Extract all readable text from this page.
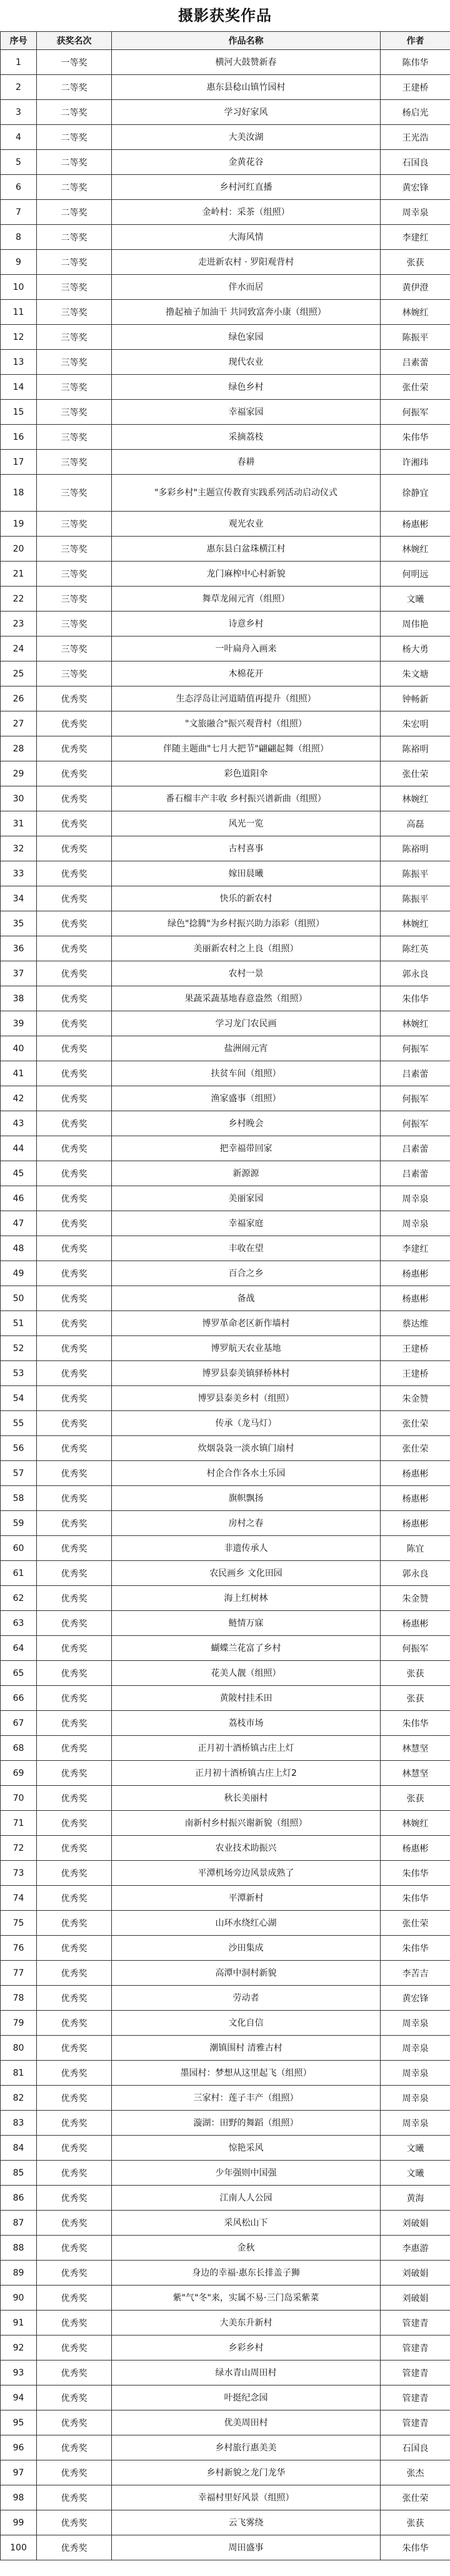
摄影获奖作品
序号	获奖名次	作品名称	作者
1	一等奖	横河大鼓赞新春	陈伟华
2	二等奖	惠东县稔山镇竹园村	王建桥
3	二等奖	学习好家风	杨启光
4	二等奖	大美汝湖	王光浩
5	二等奖	金黄花谷	石国良
6	二等奖	乡村河红直播	黄宏锋
7	二等奖	金岭村：采茶（组照）	周幸泉
8	二等奖	大海风情	李建红
9	二等奖	走进新农村 · 罗阳观背村	张获
10	三等奖	伴水而居	黄伊澄
11	三等奖	撸起袖子加油干 共同致富奔小康（组照）	林婉红
12	三等奖	绿色家园	陈振平
13	三等奖	现代农业	吕素蕾
14	三等奖	绿色乡村	张仕荣
15	三等奖	幸福家园	何振军
16	三等奖	采摘荔枝	朱伟华
17	三等奖	春耕	许湘玮
18	三等奖	"多彩乡村"主题宣传教育实践系列活动启动仪式	徐静宜
19	三等奖	观光农业	杨惠彬
20	三等奖	惠东县白盆珠横江村	林婉红
21	三等奖	龙门麻榨中心村新貌	何明远
22	三等奖	舞草龙闹元宵（组照）	文曦
23	三等奖	诗意乡村	周伟艳
24	三等奖	一叶扁舟入画来	杨大勇
25	三等奖	木棉花开	朱文塘
26	优秀奖	生态浮岛让河道睛值再提升（组照）	钟畅新
27	优秀奖	"文旅融合"振兴观背村（组照）	朱宏明
28	优秀奖	伴随主题曲"七月大把节"翩翩起舞（组照）	陈裕明
29	优秀奖	彩色道阳伞	张仕荣
30	优秀奖	番石榴丰产丰收 乡村振兴谱新曲（组照）	林婉红
31	优秀奖	风光一览	高磊
32	优秀奖	古村喜事	陈裕明
33	优秀奖	嫁田晨曦	陈振平
34	优秀奖	快乐的新农村	陈振平
35	优秀奖	绿色"捻腾"为乡村振兴助力添彩（组照）	林婉红
36	优秀奖	美丽新农村之上良（组照）	陈红英
37	优秀奖	农村一景	郭永良
38	优秀奖	果蔬采蔬基地春意盎然（组照）	朱伟华
39	优秀奖	学习龙门农民画	林婉红
40	优秀奖	盐洲闹元宵	何振军
41	优秀奖	扶贫车间（组照）	吕素蕾
42	优秀奖	渔家盛事（组照）	何振军
43	优秀奖	乡村晚会	何振军
44	优秀奖	把幸福带回家	吕素蕾
45	优秀奖	新源源	吕素蕾
46	优秀奖	美丽家园	周幸泉
47	优秀奖	幸福家庭	周幸泉
48	优秀奖	丰收在望	李建红
49	优秀奖	百合之乡	杨惠彬
50	优秀奖	备战	杨惠彬
51	优秀奖	博罗革命老区新作墙村	蔡达维
52	优秀奖	博罗航天农业基地	王建桥
53	优秀奖	博罗县泰美镇驿桥林村	王建桥
54	优秀奖	博罗县泰美乡村（组照）	朱金赞
55	优秀奖	传承（龙马灯）	张仕荣
56	优秀奖	炊烟袅袅一淡水镇门扇村	张仕荣
57	优秀奖	村企合作各水土乐园	杨惠彬
58	优秀奖	旗帜飘扬	杨惠彬
59	优秀奖	房村之春	杨惠彬
60	优秀奖	非遗传承人	陈宜
61	优秀奖	农民画乡 文化田园	郭永良
62	优秀奖	海上红树林	朱金赞
63	优秀奖	鲢情万寐	杨惠彬
64	优秀奖	蝴蝶兰花富了乡村	何振军
65	优秀奖	花美人靓（组照）	张获
66	优秀奖	黄陂村挂禾田	张获
67	优秀奖	荔枝市场	朱伟华
68	优秀奖	正月初十酒桥镇古庄上灯	林慧坚
69	优秀奖	正月初十酒桥镇古庄上灯2	林慧坚
70	优秀奖	秋长美丽村	张获
71	优秀奖	南新村乡村振兴谢新貌（组照）	林婉红
72	优秀奖	农业技术助振兴	杨惠彬
73	优秀奖	平潭机场旁边风景成熟了	朱伟华
74	优秀奖	平潭新村	朱伟华
75	优秀奖	山环水绕红心湖	张仕荣
76	优秀奖	沙田集成	朱伟华
77	优秀奖	高潭中洞村新貌	李苦吉
78	优秀奖	劳动者	黄宏锋
79	优秀奖	文化自信	周幸泉
80	优秀奖	潮镇围村 清雅古村	周幸泉
81	优秀奖	墨园村：梦想从这里起飞（组照）	周幸泉
82	优秀奖	三家村：莲子丰产（组照）	周幸泉
83	优秀奖	漩湖：田野的舞蹈（组照）	周幸泉
84	优秀奖	惊艳采风	文曦
85	优秀奖	少年强则中国强	文曦
86	优秀奖	江南人人公园	黄海
87	优秀奖	采风松山下	刘破娟
88	优秀奖	金秋	李惠游
89	优秀奖	身边的幸福·惠东长排盖子狮	刘破娟
90	优秀奖	紫"气"冬"来，实属不易·三门岛采紫菜	刘破娟
91	优秀奖	大美东升新村	管建青
92	优秀奖	乡彩乡村	管建青
93	优秀奖	绿水青山周田村	管建青
94	优秀奖	叶挺纪念园	管建青
95	优秀奖	优美周田村	管建青
96	优秀奖	乡村旅行惠美美	石国良
97	优秀奖	乡村新貌之龙门龙华	张杰
98	优秀奖	幸福村里好风景（组照）	张仕荣
99	优秀奖	云飞雾绕	张获
100	优秀奖	周田盛事	朱伟华
